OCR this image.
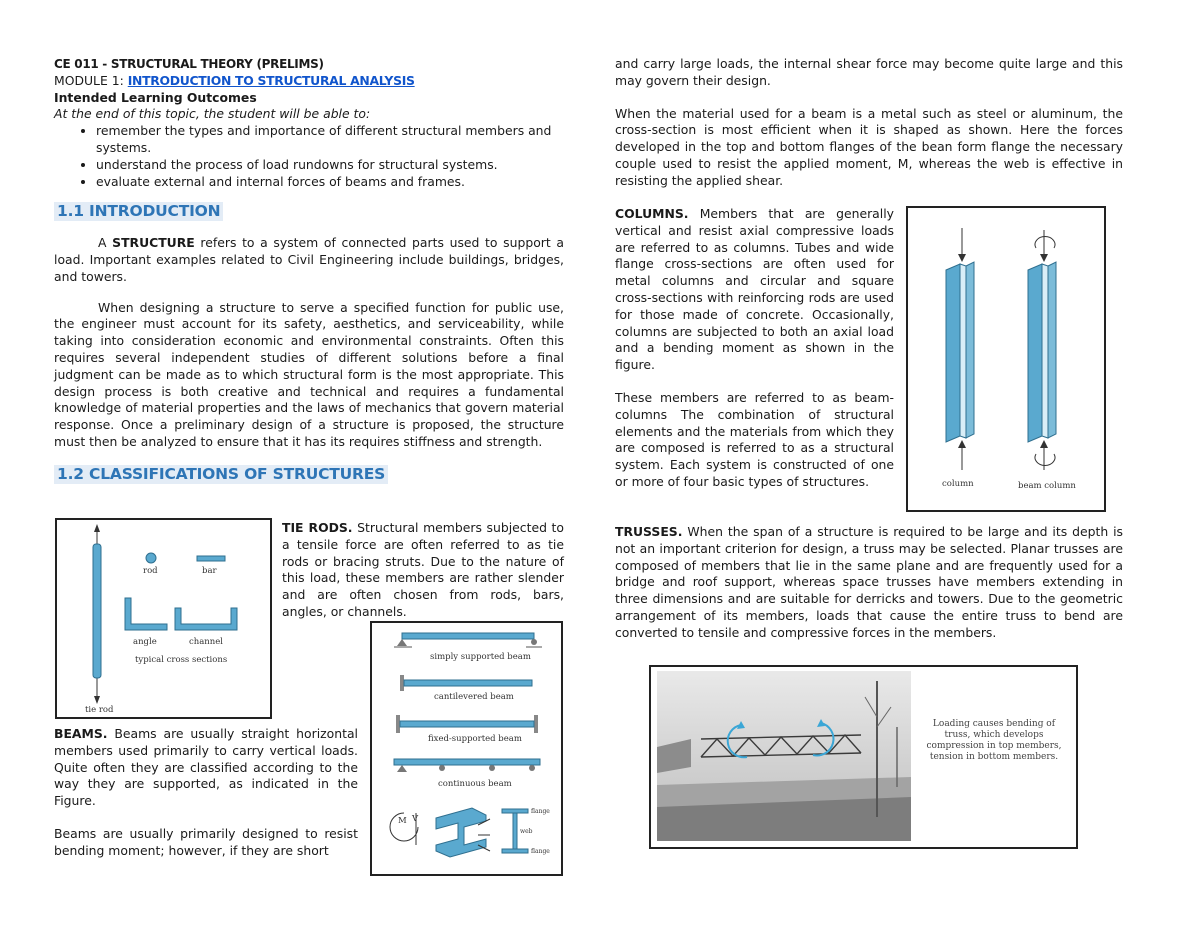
CE 011 - STRUCTURAL THEORY (PRELIMS)
MODULE 1: INTRODUCTION TO STRUCTURAL ANALYSIS
Intended Learning Outcomes
At the end of this topic, the student will be able to:
• remember the types and importance of different structural members and systems.
• understand the process of load rundowns for structural systems.
• evaluate external and internal forces of beams and frames.
1.1 INTRODUCTION

A STRUCTURE refers to a system of connected parts used to support a load. Important examples related to Civil Engineering include buildings, bridges, and towers.

When designing a structure to serve a specified function for public use, the engineer must account for its safety, aesthetics, and serviceability, while taking into consideration economic and environmental constraints. Often this requires several independent studies of different solutions before a final judgment can be made as to which structural form is the most appropriate. This design process is both creative and technical and requires a fundamental knowledge of material properties and the laws of mechanics that govern material response. Once a preliminary design of a structure is proposed, the structure must then be analyzed to ensure that it has its requires stiffness and strength.

1.2 CLASSIFICATIONS OF STRUCTURES
TIE RODS. Structural members subjected to a tensile force are often referred to as tie rods or bracing struts. Due to the nature of this load, these members are rather slender and are often chosen from rods, bars, angles, or channels.
BEAMS. Beams are usually straight horizontal members used primarily to carry vertical loads. Quite often they are classified according to the way they are supported, as indicated in the Figure.
Beams are usually primarily designed to resist bending moment; however, if they are short
rod	bar
angle	channel
typical cross sections
tie rod
simply supported beam
cantilevered beam
fixed-supported beam
continuous beam
M V
flange
web
flange

and carry large loads, the internal shear force may become quite large and this may govern their design.

When the material used for a beam is a metal such as steel or aluminum, the cross-section is most efficient when it is shaped as shown. Here the forces developed in the top and bottom flanges of the bean form flange the necessary couple used to resist the applied moment, M, whereas the web is effective in resisting the applied shear.

COLUMNS. Members that are generally vertical and resist axial compressive loads are referred to as columns. Tubes and wide flange cross-sections are often used for metal columns and circular and square cross-sections with reinforcing rods are used for those made of concrete. Occasionally, columns are subjected to both an axial load and a bending moment as shown in the figure.
These members are referred to as beam-columns The combination of structural elements and the materials from which they are composed is referred to as a structural system. Each system is constructed of one or more of four basic types of structures.
TRUSSES. When the span of a structure is required to be large and its depth is not an important criterion for design, a truss may be selected. Planar trusses are composed of members that lie in the same plane and are frequently used for a bridge and roof support, whereas space trusses have members extending in three dimensions and are suitable for derricks and towers. Due to the geometric arrangement of its members, loads that cause the entire truss to bend are converted to tensile and compressive forces in the members.
column	beam column
Loading causes bending of truss, which develops compression in top members, tension in bottom members.
